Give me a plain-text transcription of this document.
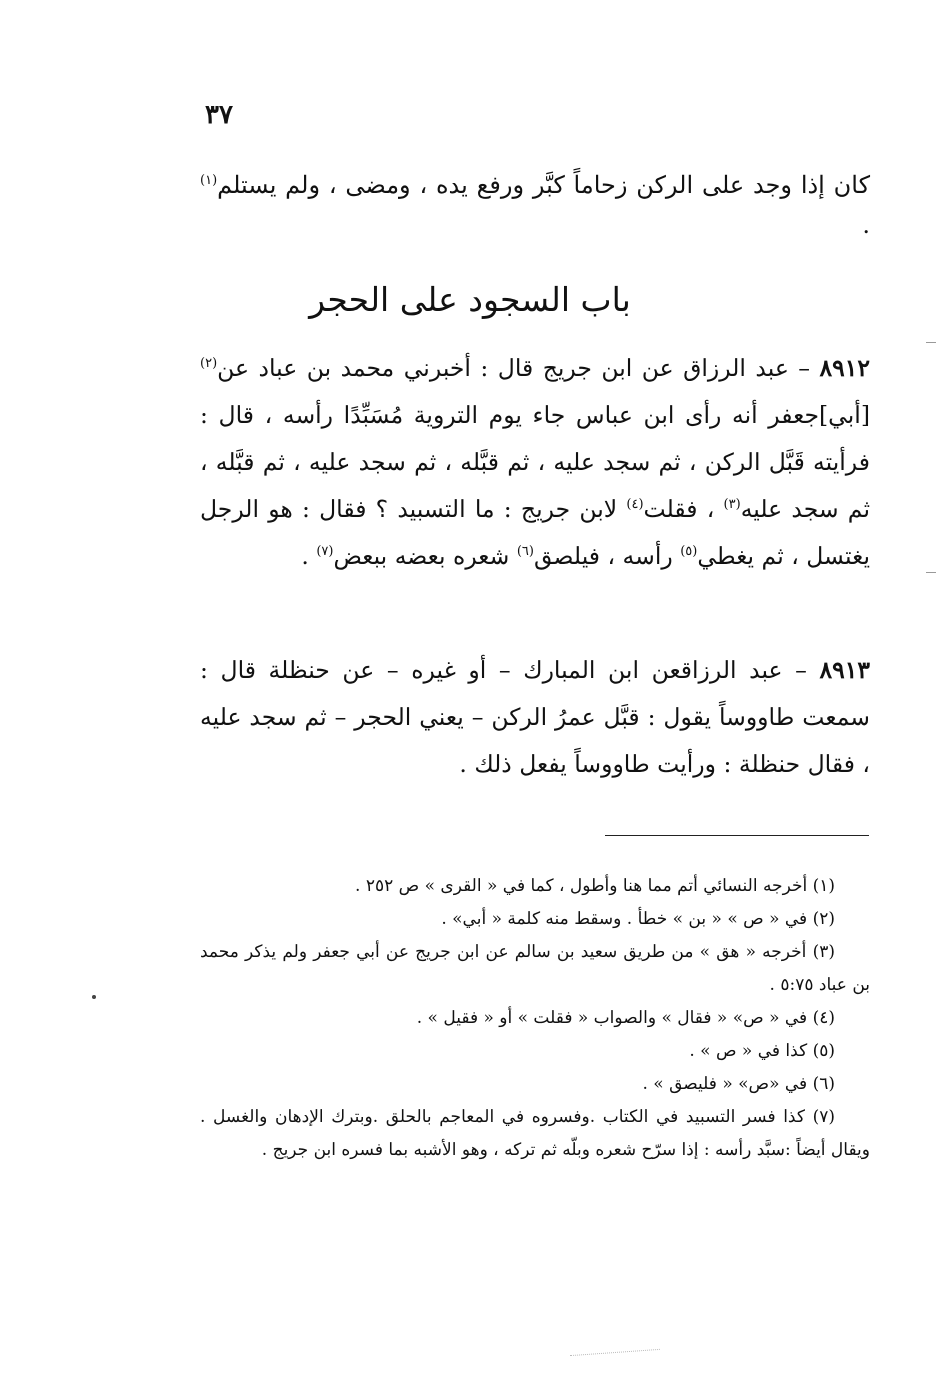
٣٧
كان إذا وجد على الركن زحاماً كبَّر ورفع يده ، ومضى ، ولم يستلم$^{(١)}$ .
باب السجود على الحجر
٨٩١٢ – عبد الرزاق عن ابن جريج قال : أخبرني محمد بن عباد عن$^{(٢)}$ [أبي]جعفر أنه رأى ابن عباس جاء يوم التروية مُسَبِّدًا رأسه ، قال : فرأيته قَبَّل الركن ، ثم سجد عليه ، ثم قبَّله ، ثم سجد عليه ، ثم قبَّله ، ثم سجد عليه$^{(٣)}$ ، فقلت$^{(٤)}$ لابن جريج : ما التسبيد ؟ فقال : هو الرجل يغتسل ، ثم يغطي$^{(٥)}$ رأسه ، فيلصق$^{(٦)}$ شعره بعضه ببعض$^{(٧)}$ .
٨٩١٣ – عبد الرزاقعن ابن المبارك – أو غيره – عن حنظلة قال : سمعت طاووساً يقول : قبَّل عمرُ الركن – يعني الحجر – ثم سجد عليه ، فقال حنظلة : ورأيت طاووساً يفعل ذلك .

(١) أخرجه النسائي أتم مما هنا وأطول ، كما في « القرى » ص ٢٥٢ .

(٢) في « ص » « بن » خطأ . وسقط منه كلمة « أبي» .

(٣) أخرجه « هق » من طريق سعيد بن سالم عن ابن جريج عن أبي جعفر ولم يذكر محمد بن عباد ٥:٧٥ .

(٤) في « ص» « فقال » والصواب « فقلت » أو « فقيل » .

(٥) كذا في « ص » .

(٦) في «ص» « فليصق » .

(٧) كذا فسر التسبيد في الكتاب .وفسروه في المعاجم بالحلق .وبترك الإدهان والغسل . ويقال أيضاً :سبَّد رأسه : إذا سرّح شعره وبلّه ثم تركه ، وهو الأشبه بما فسره ابن جريج .
